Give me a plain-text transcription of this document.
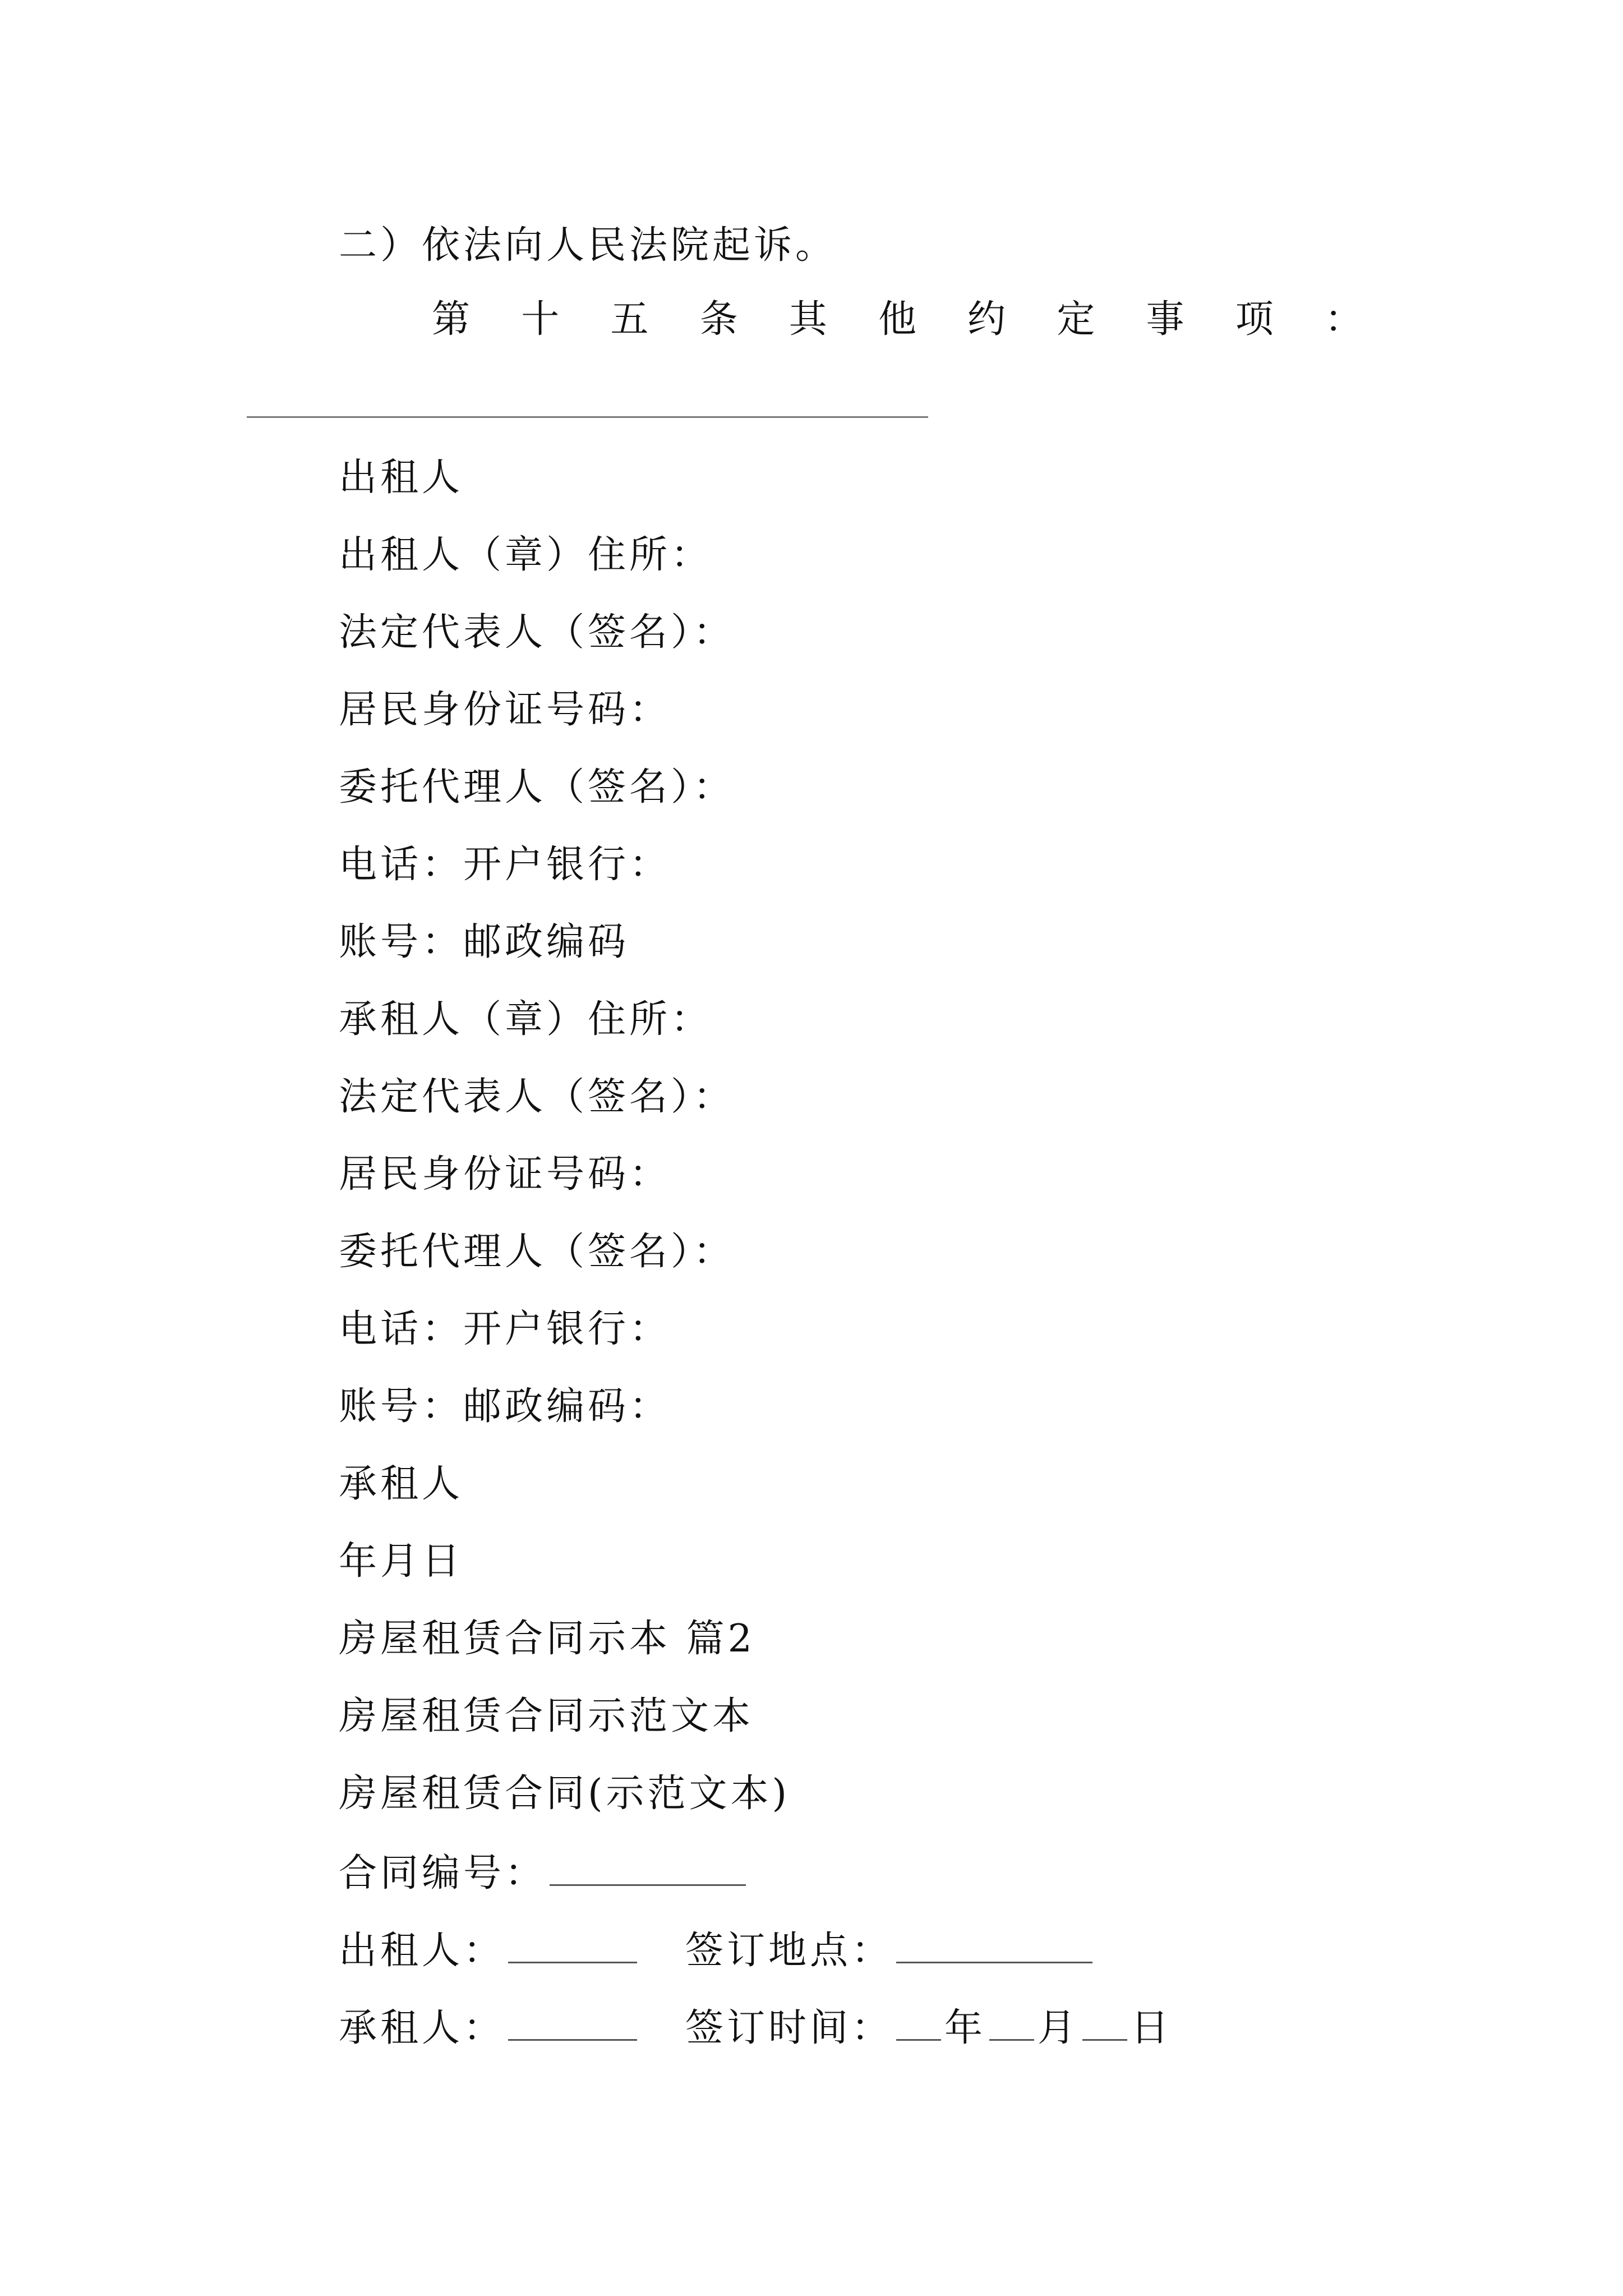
二）依法向人民法院起诉。
第 十 五 条 其 他 约 定 事 项 ：
出租人
出租人（章）住所：
法定代表人（签名）：
居民身份证号码：
委托代理人（签名）：
电话：开户银行：
账号：邮政编码
承租人（章）住所：
法定代表人（签名）：
居民身份证号码：
委托代理人（签名）：
电话：开户银行：
账号：邮政编码：
承租人
年月日
房屋租赁合同示本 篇2
房屋租赁合同示范文本
房屋租赁合同(示范文本)
合同编号：
出租人：	签订地点：
承租人：	签订时间： 年 月 日
